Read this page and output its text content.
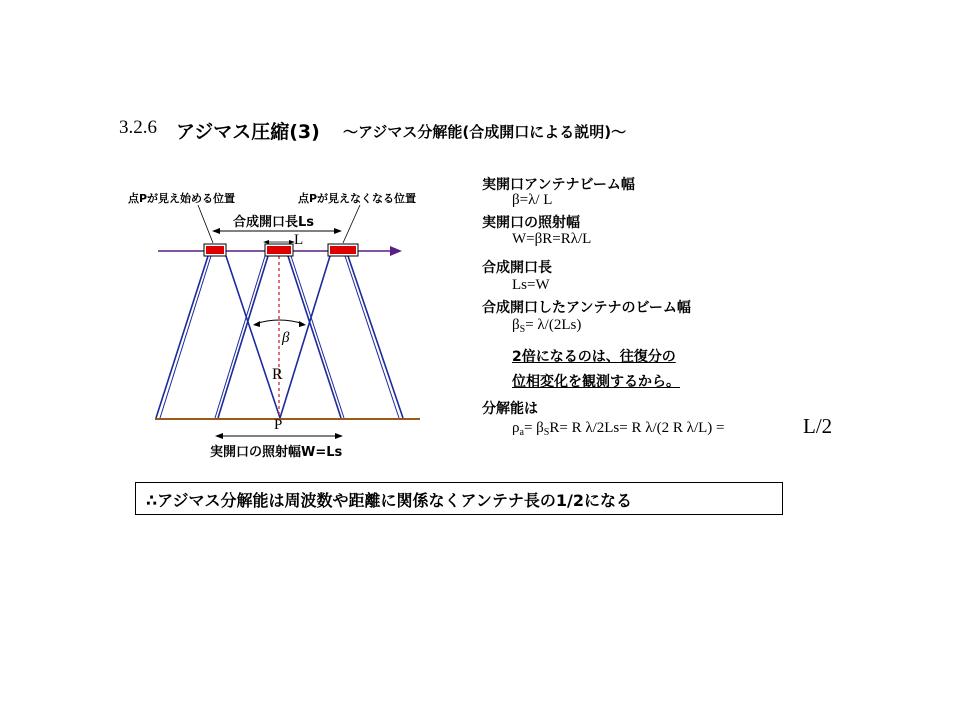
3.2.6 アジマス圧縮(3) ～アジマス分解能(合成開口による説明)～
点Pが見え始める位置	点Pが見えなくなる位置
合成開口長Ls
L
β
R
P
実開口の照射幅W=Ls
実開口アンテナビーム幅
β=λ/ L
実開口の照射幅
W=βR=Rλ/L
合成開口長
Ls=W
合成開口したアンテナのビーム幅
$\beta_S= \lambda/(2Ls)$
2倍になるのは、往復分の
位相変化を観測するから。
分解能は
$\rho_a= \beta_SR= R$ λ/2Ls= R λ/(2 R λ/L) =	L/2
∴アジマス分解能は周波数や距離に関係なくアンテナ長の1/2になる
